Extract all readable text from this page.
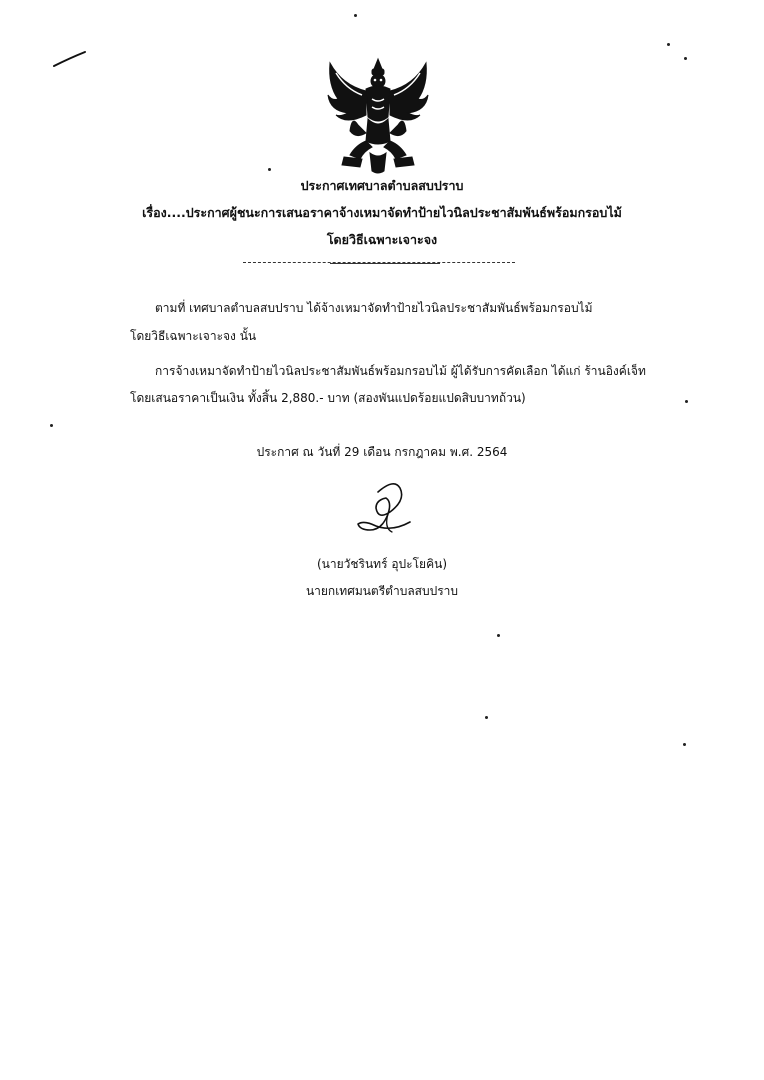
ประกาศเทศบาลตำบลสบปราบ
เรื่อง....ประกาศผู้ชนะการเสนอราคาจ้างเหมาจัดทำป้ายไวนิลประชาสัมพันธ์พร้อมกรอบไม้
โดยวิธีเฉพาะเจาะจง
ตามที่ เทศบาลตำบลสบปราบ ได้จ้างเหมาจัดทำป้ายไวนิลประชาสัมพันธ์พร้อมกรอบไม้
โดยวิธีเฉพาะเจาะจง นั้น
การจ้างเหมาจัดทำป้ายไวนิลประชาสัมพันธ์พร้อมกรอบไม้ ผู้ได้รับการคัดเลือก ได้แก่ ร้านอิงค์เจ็ท
โดยเสนอราคาเป็นเงิน ทั้งสิ้น 2,880.- บาท (สองพันแปดร้อยแปดสิบบาทถ้วน)
ประกาศ ณ วันที่ 29 เดือน กรกฎาคม พ.ศ. 2564
(นายวัชรินทร์ อุปะโยคิน)
นายกเทศมนตรีตำบลสบปราบ
